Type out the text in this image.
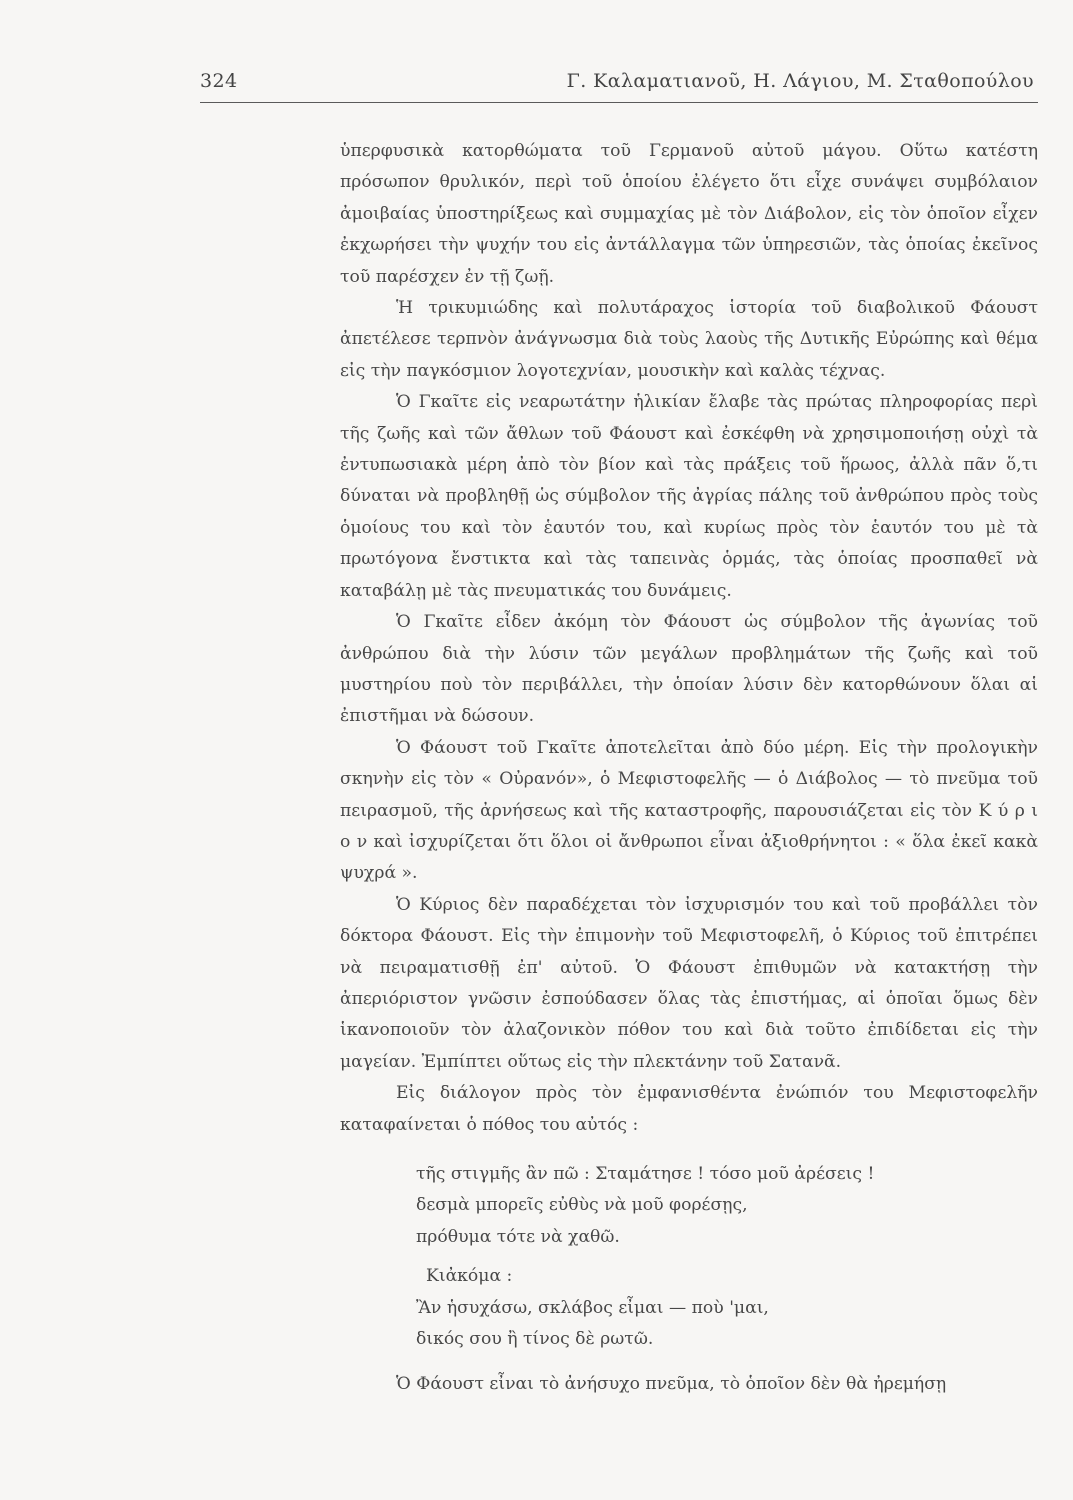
324	Γ. Καλαματιανοῦ, Η. Λάγιου, Μ. Σταθοπούλου

ὑπερφυσικὰ κατορθώματα τοῦ Γερμανοῦ αὐτοῦ μάγου. Οὕτω κατέστη πρόσωπον θρυλικόν, περὶ τοῦ ὁποίου ἐλέγετο ὅτι εἶχε συνάψει συμβόλαιον ἀμοιβαίας ὑποστηρίξεως καὶ συμμαχίας μὲ τὸν Διάβολον, εἰς τὸν ὁποῖον εἶχεν ἐκχωρήσει τὴν ψυχήν του εἰς ἀντάλλαγμα τῶν ὑπηρεσιῶν, τὰς ὁποίας ἐκεῖνος τοῦ παρέσχεν ἐν τῇ ζωῇ.

Ἡ τρικυμιώδης καὶ πολυτάραχος ἱστορία τοῦ διαβολικοῦ Φάουστ ἀπετέλεσε τερπνὸν ἀνάγνωσμα διὰ τοὺς λαοὺς τῆς Δυτικῆς Εὐρώπης καὶ θέμα εἰς τὴν παγκόσμιον λογοτεχνίαν, μουσικὴν καὶ καλὰς τέχνας.

Ὁ Γκαῖτε εἰς νεαρωτάτην ἡλικίαν ἔλαβε τὰς πρώτας πληροφορίας περὶ τῆς ζωῆς καὶ τῶν ἄθλων τοῦ Φάουστ καὶ ἐσκέφθη νὰ χρησιμοποιήσῃ οὐχὶ τὰ ἐντυπωσιακὰ μέρη ἀπὸ τὸν βίον καὶ τὰς πράξεις τοῦ ἥρωος, ἀλλὰ πᾶν ὅ,τι δύναται νὰ προβληθῇ ὡς σύμβολον τῆς ἀγρίας πάλης τοῦ ἀνθρώπου πρὸς τοὺς ὁμοίους του καὶ τὸν ἑαυτόν του, καὶ κυρίως πρὸς τὸν ἑαυτόν του μὲ τὰ πρωτόγονα ἔνστικτα καὶ τὰς ταπεινὰς ὁρμάς, τὰς ὁποίας προσπαθεῖ νὰ καταβάλῃ μὲ τὰς πνευματικάς του δυνάμεις.

Ὁ Γκαῖτε εἶδεν ἀκόμη τὸν Φάουστ ὡς σύμβολον τῆς ἀγωνίας τοῦ ἀνθρώπου διὰ τὴν λύσιν τῶν μεγάλων προβλημάτων τῆς ζωῆς καὶ τοῦ μυστηρίου ποὺ τὸν περιβάλλει, τὴν ὁποίαν λύσιν δὲν κατορθώνουν ὅλαι αἱ ἐπιστῆμαι νὰ δώσουν.

Ὁ Φάουστ τοῦ Γκαῖτε ἀποτελεῖται ἀπὸ δύο μέρη. Εἰς τὴν προλογικὴν σκηνὴν εἰς τὸν « Οὐρανόν», ὁ Μεφιστοφελῆς — ὁ Διάβολος — τὸ πνεῦμα τοῦ πειρασμοῦ, τῆς ἀρνήσεως καὶ τῆς καταστροφῆς, παρουσιάζεται εἰς τὸν Κ ύ ρ ι ο ν καὶ ἰσχυρίζεται ὅτι ὅλοι οἱ ἄνθρωποι εἶναι ἀξιοθρήνητοι : « ὅλα ἐκεῖ κακὰ ψυχρά ».

Ὁ Κύριος δὲν παραδέχεται τὸν ἰσχυρισμόν του καὶ τοῦ προβάλλει τὸν δόκτορα Φάουστ. Εἰς τὴν ἐπιμονὴν τοῦ Μεφιστοφελῆ, ὁ Κύριος τοῦ ἐπιτρέπει νὰ πειραματισθῇ ἐπ' αὐτοῦ. Ὁ Φάουστ ἐπιθυμῶν νὰ κατακτήσῃ τὴν ἀπεριόριστον γνῶσιν ἐσπούδασεν ὅλας τὰς ἐπιστήμας, αἱ ὁποῖαι ὅμως δὲν ἱκανοποιοῦν τὸν ἀλαζονικὸν πόθον του καὶ διὰ τοῦτο ἐπιδίδεται εἰς τὴν μαγείαν. Ἐμπίπτει οὕτως εἰς τὴν πλεκτάνην τοῦ Σατανᾶ.

Εἰς διάλογον πρὸς τὸν ἐμφανισθέντα ἐνώπιόν του Μεφιστοφελῆν καταφαίνεται ὁ πόθος του αὐτός :

τῆς στιγμῆς ἂν πῶ : Σταμάτησε ! τόσο μοῦ ἀρέσεις !
δεσμὰ μπορεῖς εὐθὺς νὰ μοῦ φορέσῃς,
πρόθυμα τότε νὰ χαθῶ.
Κιἀκόμα :
Ἂν ἡσυχάσω, σκλάβος εἶμαι — ποὺ 'μαι,
δικός σου ἢ τίνος δὲ ρωτῶ.

Ὁ Φάουστ εἶναι τὸ ἀνήσυχο πνεῦμα, τὸ ὁποῖον δὲν θὰ ἠρεμήσῃ
